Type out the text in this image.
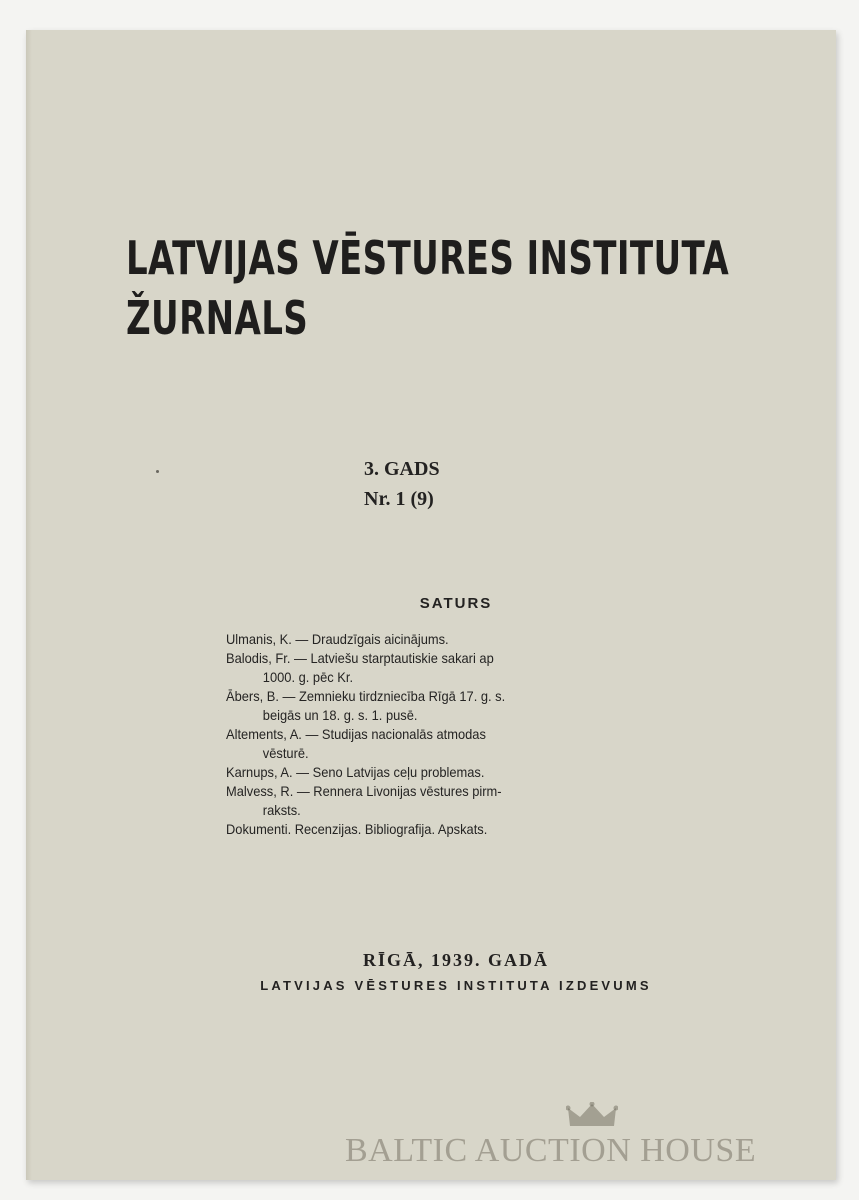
LATVIJAS VĒSTURES INSTITUTA
ŽURNALS
3. GADS
Nr. 1 (9)
SATURS
Ulmanis, K. — Draudzīgais aicinājums.
Balodis, Fr. — Latviešu starptautiskie sakari ap
1000. g. pēc Kr.
Ābers, B. — Zemnieku tirdzniecība Rīgā 17. g. s.
beigās un 18. g. s. 1. pusē.
Altements, A. — Studijas nacionalās atmodas
vēsturē.
Karnups, A. — Seno Latvijas ceļu problemas.
Malvess, R. — Rennera Livonijas vēstures pirm-
raksts.
Dokumenti. Recenzijas. Bibliografija. Apskats.
RĪGĀ, 1939. GADĀ
LATVIJAS VĒSTURES INSTITUTA IZDEVUMS
BALTIC AUCTION HOUSE
